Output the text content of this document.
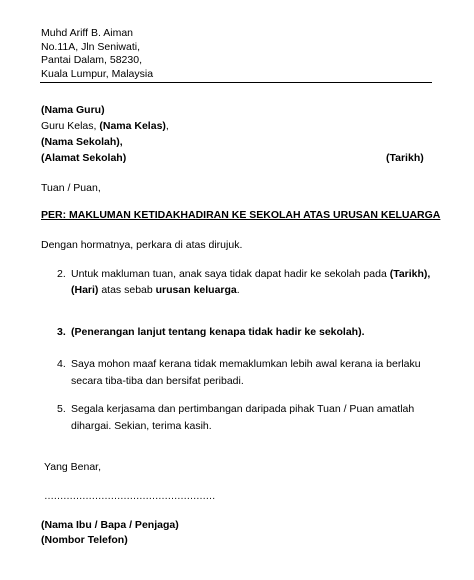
Muhd Ariff B. Aiman
No.11A, Jln Seniwati,
Pantai Dalam, 58230,
Kuala Lumpur, Malaysia
(Nama Guru)
Guru Kelas, (Nama Kelas),
(Nama Sekolah),
(Alamat Sekolah)	(Tarikh)
Tuan / Puan,
PER: MAKLUMAN KETIDAKHADIRAN KE SEKOLAH ATAS URUSAN KELUARGA
Dengan hormatnya, perkara di atas dirujuk.
2. Untuk makluman tuan, anak saya tidak dapat hadir ke sekolah pada (Tarikh),
(Hari) atas sebab urusan keluarga.
3. (Penerangan lanjut tentang kenapa tidak hadir ke sekolah).
4. Saya mohon maaf kerana tidak memaklumkan lebih awal kerana ia berlaku
secara tiba-tiba dan bersifat peribadi.
5. Segala kerjasama dan pertimbangan daripada pihak Tuan / Puan amatlah
dihargai. Sekian, terima kasih.
Yang Benar,
………………………………………………
(Nama Ibu / Bapa / Penjaga)
(Nombor Telefon)
